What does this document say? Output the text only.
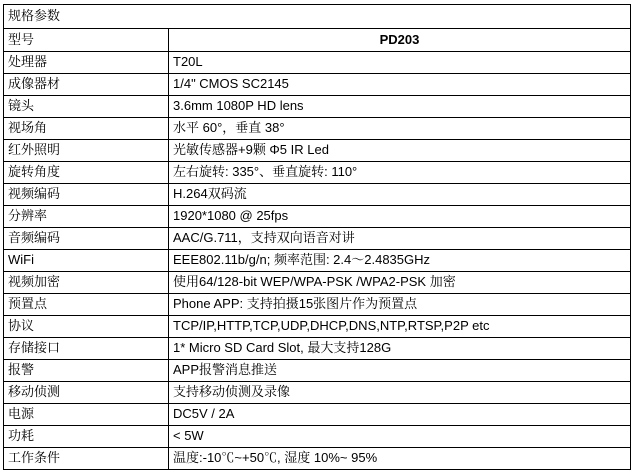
规格参数	
型号	PD203
处理器	T20L
成像器材	1/4" CMOS SC2145
镜头	3.6mm 1080P HD lens
视场角	水平 60°，垂直 38°
红外照明	光敏传感器+9颗 Φ5 IR Led
旋转角度	左右旋转: 335°、垂直旋转: 110°
视频编码	H.264双码流
分辨率	1920*1080 @ 25fps
音频编码	AAC/G.711，支持双向语音对讲
WiFi	EEE802.11b/g/n; 频率范围: 2.4～2.4835GHz
视频加密	使用64/128-bit WEP/WPA-PSK /WPA2-PSK 加密
预置点	Phone APP: 支持拍摄15张图片作为预置点
协议	TCP/IP,HTTP,TCP,UDP,DHCP,DNS,NTP,RTSP,P2P etc
存储接口	1* Micro SD Card Slot, 最大支持128G
报警	APP报警消息推送
移动侦测	支持移动侦测及录像
电源	DC5V / 2A
功耗	< 5W
工作条件	温度:-10℃~+50℃, 湿度 10%~ 95%
